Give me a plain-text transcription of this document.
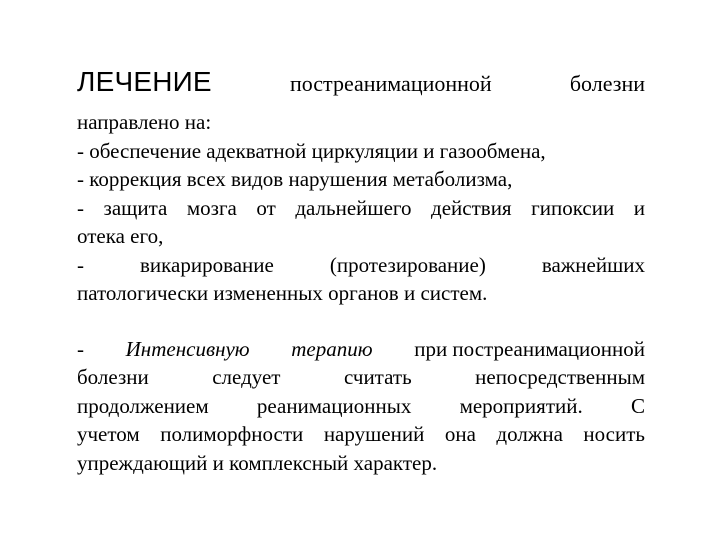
ЛЕЧЕНИЕ	постреанимационной	болезни
направлено на:
- обеспечение адекватной циркуляции и газообмена,
- коррекция всех видов нарушения метаболизма,
- защита мозга от дальнейшего действия гипоксии и
отека его,
- викарирование (протезирование) важнейших
патологически измененных органов и систем.
- Интенсивную терапию при постреанимационной
болезни следует считать непосредственным
продолжением реанимационных мероприятий. С
учетом полиморфности нарушений она должна носить
упреждающий и комплексный характер.
